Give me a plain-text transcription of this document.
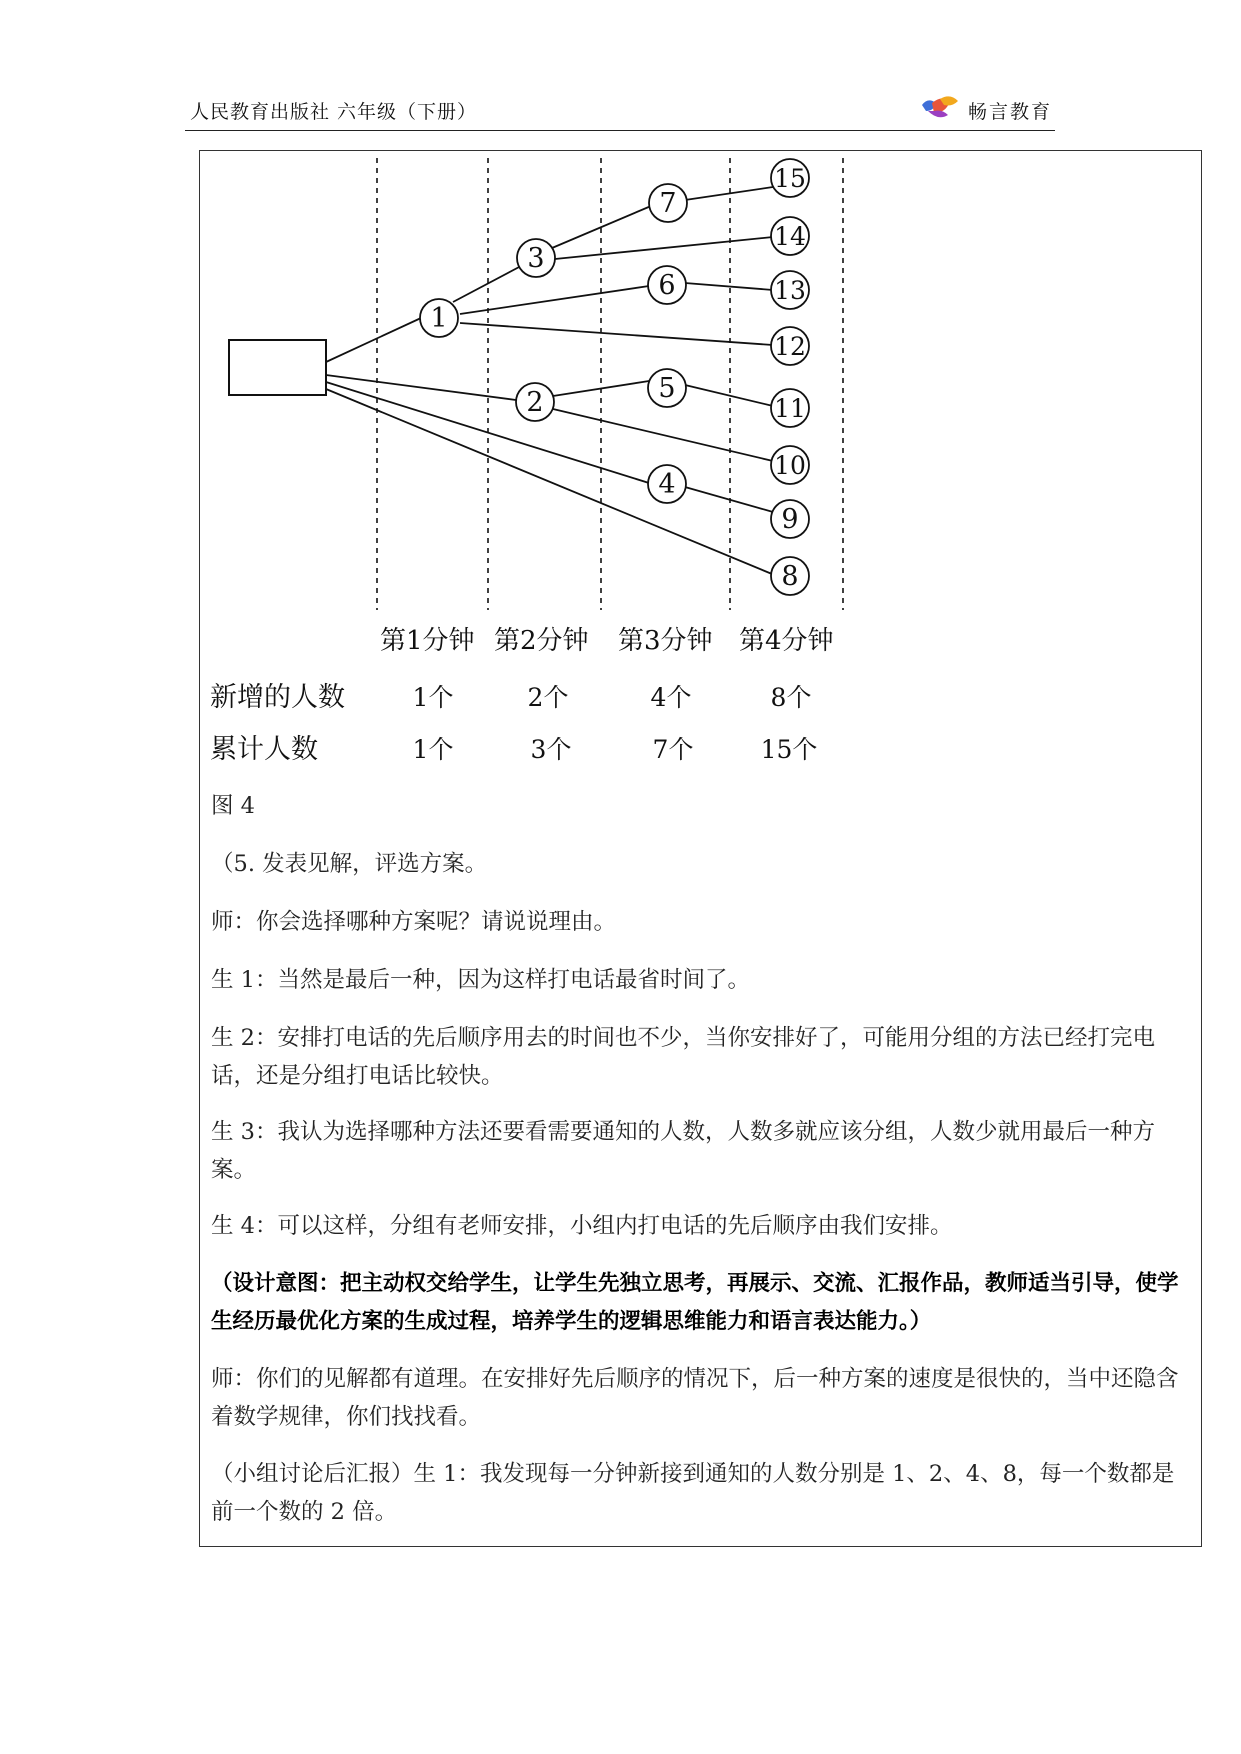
人民教育出版社 六年级（下册）	畅言教育
1
2
3
4
5
6
7
8
9
10
11
12
13
14
15
第1分钟 第2分钟 第3分钟 第4分钟
新增的人数	1个	2个	4个	8个
累计人数	1个	3个	7个	15个
图 4
（5. 发表见解，评选方案。
师：你会选择哪种方案呢？请说说理由。
生 1：当然是最后一种，因为这样打电话最省时间了。
生 2：安排打电话的先后顺序用去的时间也不少，当你安排好了，可能用分组的方法已经打完电话，还是分组打电话比较快。
生 3：我认为选择哪种方法还要看需要通知的人数，人数多就应该分组，人数少就用最后一种方案。
生 4：可以这样，分组有老师安排，小组内打电话的先后顺序由我们安排。
（设计意图：把主动权交给学生，让学生先独立思考，再展示、交流、汇报作品，教师适当引导，使学生经历最优化方案的生成过程，培养学生的逻辑思维能力和语言表达能力。）
师：你们的见解都有道理。在安排好先后顺序的情况下，后一种方案的速度是很快的，当中还隐含着数学规律，你们找找看。
（小组讨论后汇报）生 1：我发现每一分钟新接到通知的人数分别是 1、2、4、8，每一个数都是前一个数的 2 倍。
